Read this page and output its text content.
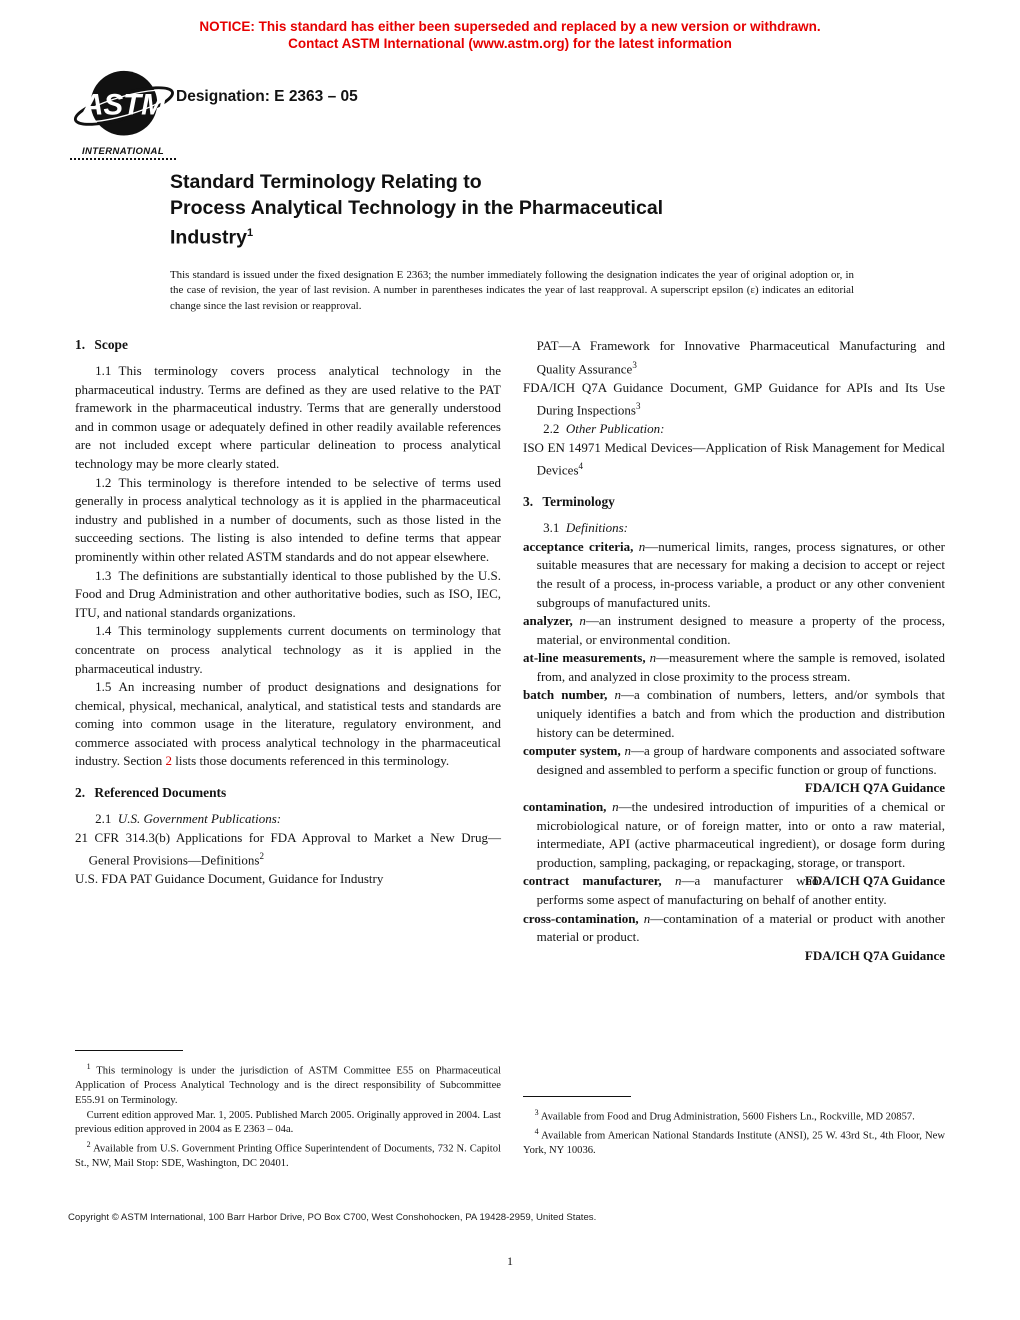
NOTICE: This standard has either been superseded and replaced by a new version or withdrawn.
Contact ASTM International (www.astm.org) for the latest information
ASTM
INTERNATIONAL
Designation: E 2363 – 05
Standard Terminology Relating to
Process Analytical Technology in the Pharmaceutical
Industry$^1$
This standard is issued under the fixed designation E 2363; the number immediately following the designation indicates the year of original adoption or, in the case of revision, the year of last revision. A number in parentheses indicates the year of last reapproval. A superscript epsilon (ε) indicates an editorial change since the last revision or reapproval.
1. Scope

1.1 This terminology covers process analytical technology in the pharmaceutical industry. Terms are defined as they are used relative to the PAT framework in the pharmaceutical industry. Terms that are generally understood and in common usage or adequately defined in other readily available references are not included except where particular delineation to process analytical technology may be more clearly stated.

1.2 This terminology is therefore intended to be selective of terms used generally in process analytical technology as it is applied in the pharmaceutical industry and published in a number of documents, such as those listed in the succeeding sections. The listing is also intended to define terms that appear prominently within other related ASTM standards and do not appear elsewhere.

1.3 The definitions are substantially identical to those published by the U.S. Food and Drug Administration and other authoritative bodies, such as ISO, IEC, ITU, and national standards organizations.

1.4 This terminology supplements current documents on terminology that concentrate on process analytical technology as it is applied in the pharmaceutical industry.

1.5 An increasing number of product designations and designations for chemical, physical, mechanical, analytical, and statistical tests and standards are coming into common usage in the literature, regulatory environment, and commerce associated with process analytical technology in the pharmaceutical industry. Section 2 lists those documents referenced in this terminology.

2. Referenced Documents

2.1 U.S. Government Publications:

21 CFR 314.3(b) Applications for FDA Approval to Market a New Drug—General Provisions—Definitions$^2$

U.S. FDA PAT Guidance Document, Guidance for Industry

PAT—A Framework for Innovative Pharmaceutical Manufacturing and Quality Assurance$^3$

FDA/ICH Q7A Guidance Document, GMP Guidance for APIs and Its Use During Inspections$^3$

2.2 Other Publication:

ISO EN 14971 Medical Devices—Application of Risk Management for Medical Devices$^4$

3. Terminology

3.1 Definitions:

acceptance criteria, n—numerical limits, ranges, process signatures, or other suitable measures that are necessary for making a decision to accept or reject the result of a process, in-process variable, a product or any other convenient subgroups of manufactured units.

analyzer, n—an instrument designed to measure a property of the process, material, or environmental condition.

at-line measurements, n—measurement where the sample is removed, isolated from, and analyzed in close proximity to the process stream.

batch number, n—a combination of numbers, letters, and/or symbols that uniquely identifies a batch and from which the production and distribution history can be determined.

computer system, n—a group of hardware components and associated software designed and assembled to perform a specific function or group of functions.

FDA/ICH Q7A Guidance

contamination, n—the undesired introduction of impurities of a chemical or microbiological nature, or of foreign matter, into or onto a raw material, intermediate, API (active pharmaceutical ingredient), or dosage form during production, sampling, packaging, or repackaging, storage, or transport.
FDA/ICH Q7A Guidance

contract manufacturer, n—a manufacturer who performs some aspect of manufacturing on behalf of another entity.

cross-contamination, n—contamination of a material or product with another material or product.

FDA/ICH Q7A Guidance

$^1$ This terminology is under the jurisdiction of ASTM Committee E55 on Pharmaceutical Application of Process Analytical Technology and is the direct responsibility of Subcommittee E55.91 on Terminology.

Current edition approved Mar. 1, 2005. Published March 2005. Originally approved in 2004. Last previous edition approved in 2004 as E 2363 – 04a.

$^2$ Available from U.S. Government Printing Office Superintendent of Documents, 732 N. Capitol St., NW, Mail Stop: SDE, Washington, DC 20401.

$^3$ Available from Food and Drug Administration, 5600 Fishers Ln., Rockville, MD 20857.

$^4$ Available from American National Standards Institute (ANSI), 25 W. 43rd St., 4th Floor, New York, NY 10036.

Copyright © ASTM International, 100 Barr Harbor Drive, PO Box C700, West Conshohocken, PA 19428-2959, United States.
1
